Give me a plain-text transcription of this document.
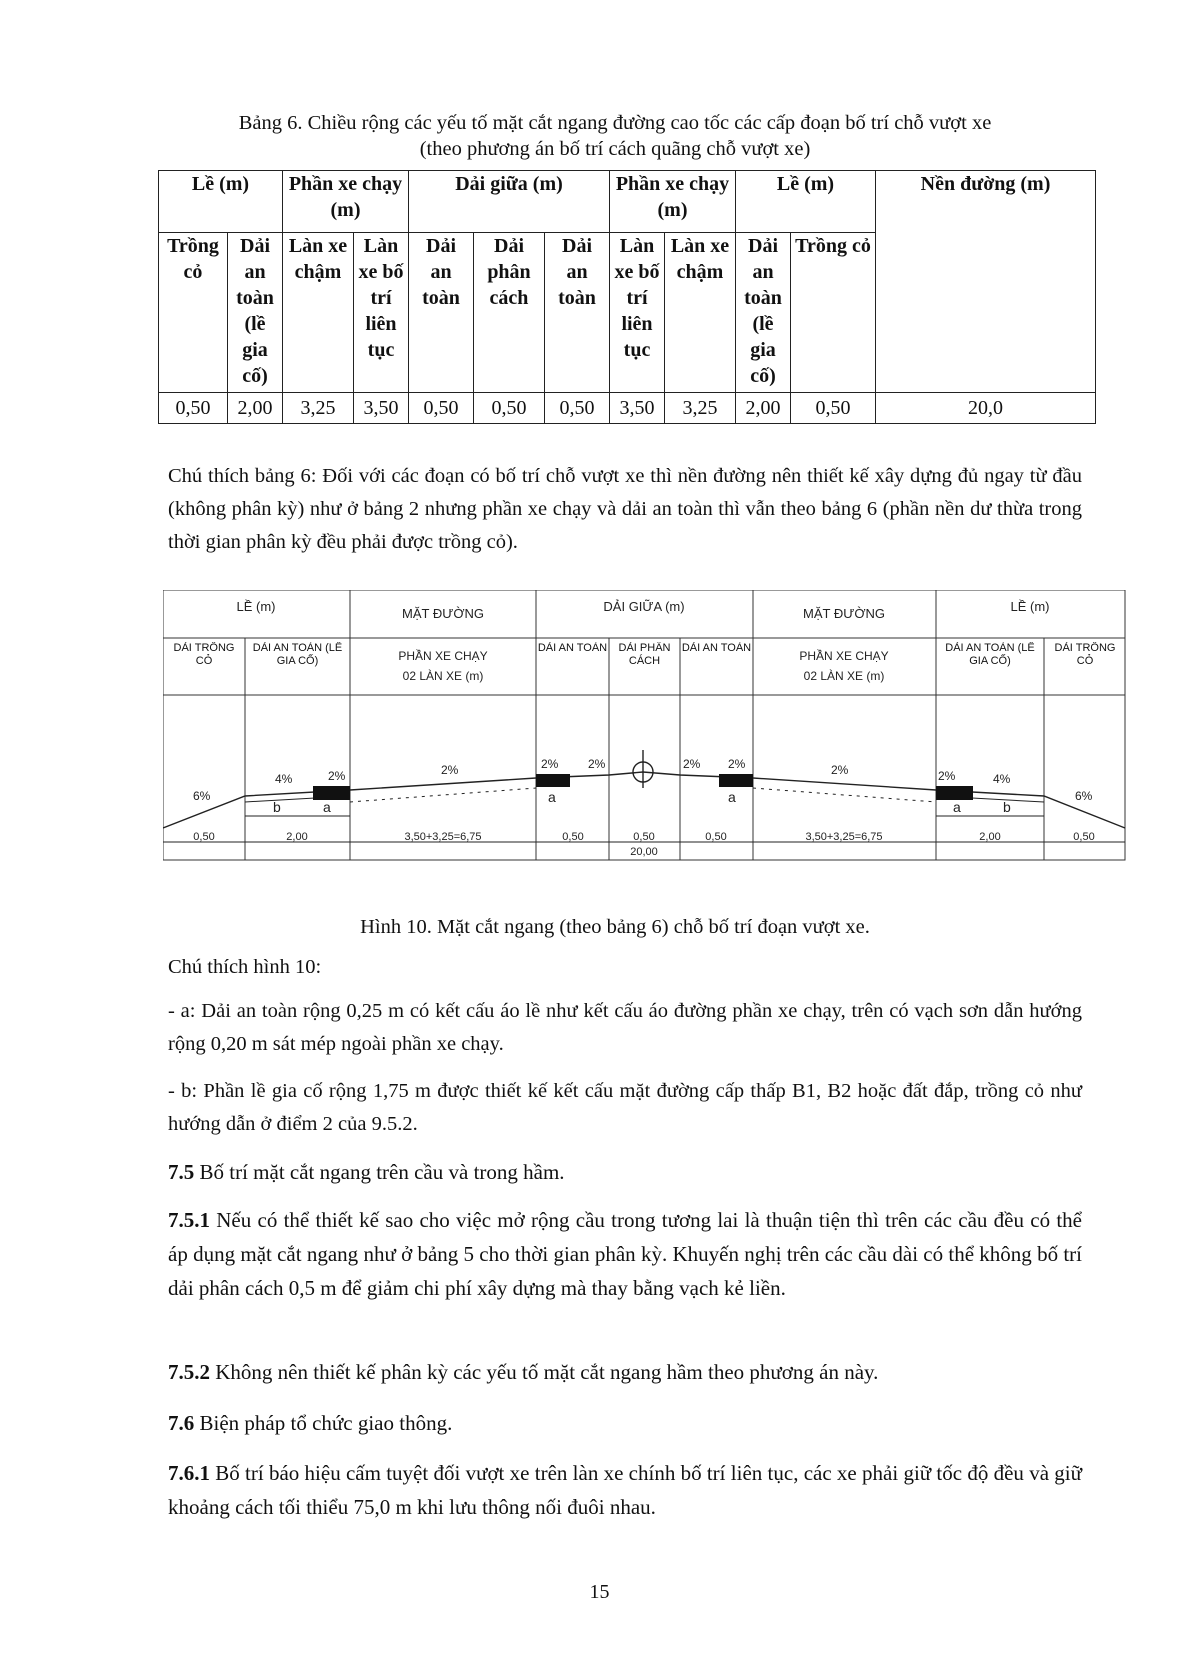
Bảng 6. Chiều rộng các yếu tố mặt cắt ngang đường cao tốc các cấp đoạn bố trí chỗ vượt xe
(theo phương án bố trí cách quãng chỗ vượt xe)
Lề (m)		Phần xe chạy (m)		Dải giữa (m)			Phần xe chạy (m)		Lề (m)		Nền đường (m)
Trồng cỏ	Dải an toàn (lề gia cố)	Làn xe chậm	Làn xe bố trí liên tục	Dải an toàn	Dải phân cách	Dải an toàn	Làn xe bố trí liên tục	Làn xe chậm	Dải an toàn (lề gia cố)	Trồng cỏ	
0,50	2,00	3,25	3,50	0,50	0,50	0,50	3,50	3,25	2,00	0,50	20,0
Chú thích bảng 6: Đối với các đoạn có bố trí chỗ vượt xe thì nền đường nên thiết kế xây dựng đủ ngay từ đầu (không phân kỳ) như ở bảng 2 nhưng phần xe chạy và dải an toàn thì vẫn theo bảng 6 (phần nền dư thừa trong thời gian phân kỳ đều phải được trồng cỏ).
LỀ (m)	MẶT ĐƯỜNG	DẢI GIỮA (m)	MẶT ĐƯỜNG	LỀ (m)
PHẦN XE CHẠY
02 LÀN XE (m)
PHẦN XE CHẠY
02 LÀN XE (m)
DẢI TRỒNG CỎ
DẢI AN TOÀN (LỀ GIA CỐ)
DẢI AN TOÀN	DẢI PHÂN CÁCH
DẢI AN TOÀN	DẢI AN TOÀN (LỀ GIA CỐ)
DẢI TRỒNG CỎ
6%
4%	2%	2%	2% 2%	2% 2%	2%	2%	4%
6%
b	a
a	a
a	b
0,50	2,00	3,50+3,25=6,75	0,50	0,50	0,50	3,50+3,25=6,75	2,00	0,50
20,00
Hình 10. Mặt cắt ngang (theo bảng 6) chỗ bố trí đoạn vượt xe.
Chú thích hình 10:
- a: Dải an toàn rộng 0,25 m có kết cấu áo lề như kết cấu áo đường phần xe chạy, trên có vạch sơn dẫn hướng rộng 0,20 m sát mép ngoài phần xe chạy.
- b: Phần lề gia cố rộng 1,75 m được thiết kế kết cấu mặt đường cấp thấp B1, B2 hoặc đất đắp, trồng cỏ như hướng dẫn ở điểm 2 của 9.5.2.
7.5 Bố trí mặt cắt ngang trên cầu và trong hầm.
7.5.1 Nếu có thể thiết kế sao cho việc mở rộng cầu trong tương lai là thuận tiện thì trên các cầu đều có thể áp dụng mặt cắt ngang như ở bảng 5 cho thời gian phân kỳ. Khuyến nghị trên các cầu dài có thể không bố trí dải phân cách 0,5 m để giảm chi phí xây dựng mà thay bằng vạch kẻ liền.
7.5.2 Không nên thiết kế phân kỳ các yếu tố mặt cắt ngang hầm theo phương án này.
7.6 Biện pháp tổ chức giao thông.
7.6.1 Bố trí báo hiệu cấm tuyệt đối vượt xe trên làn xe chính bố trí liên tục, các xe phải giữ tốc độ đều và giữ khoảng cách tối thiểu 75,0 m khi lưu thông nối đuôi nhau.
15
